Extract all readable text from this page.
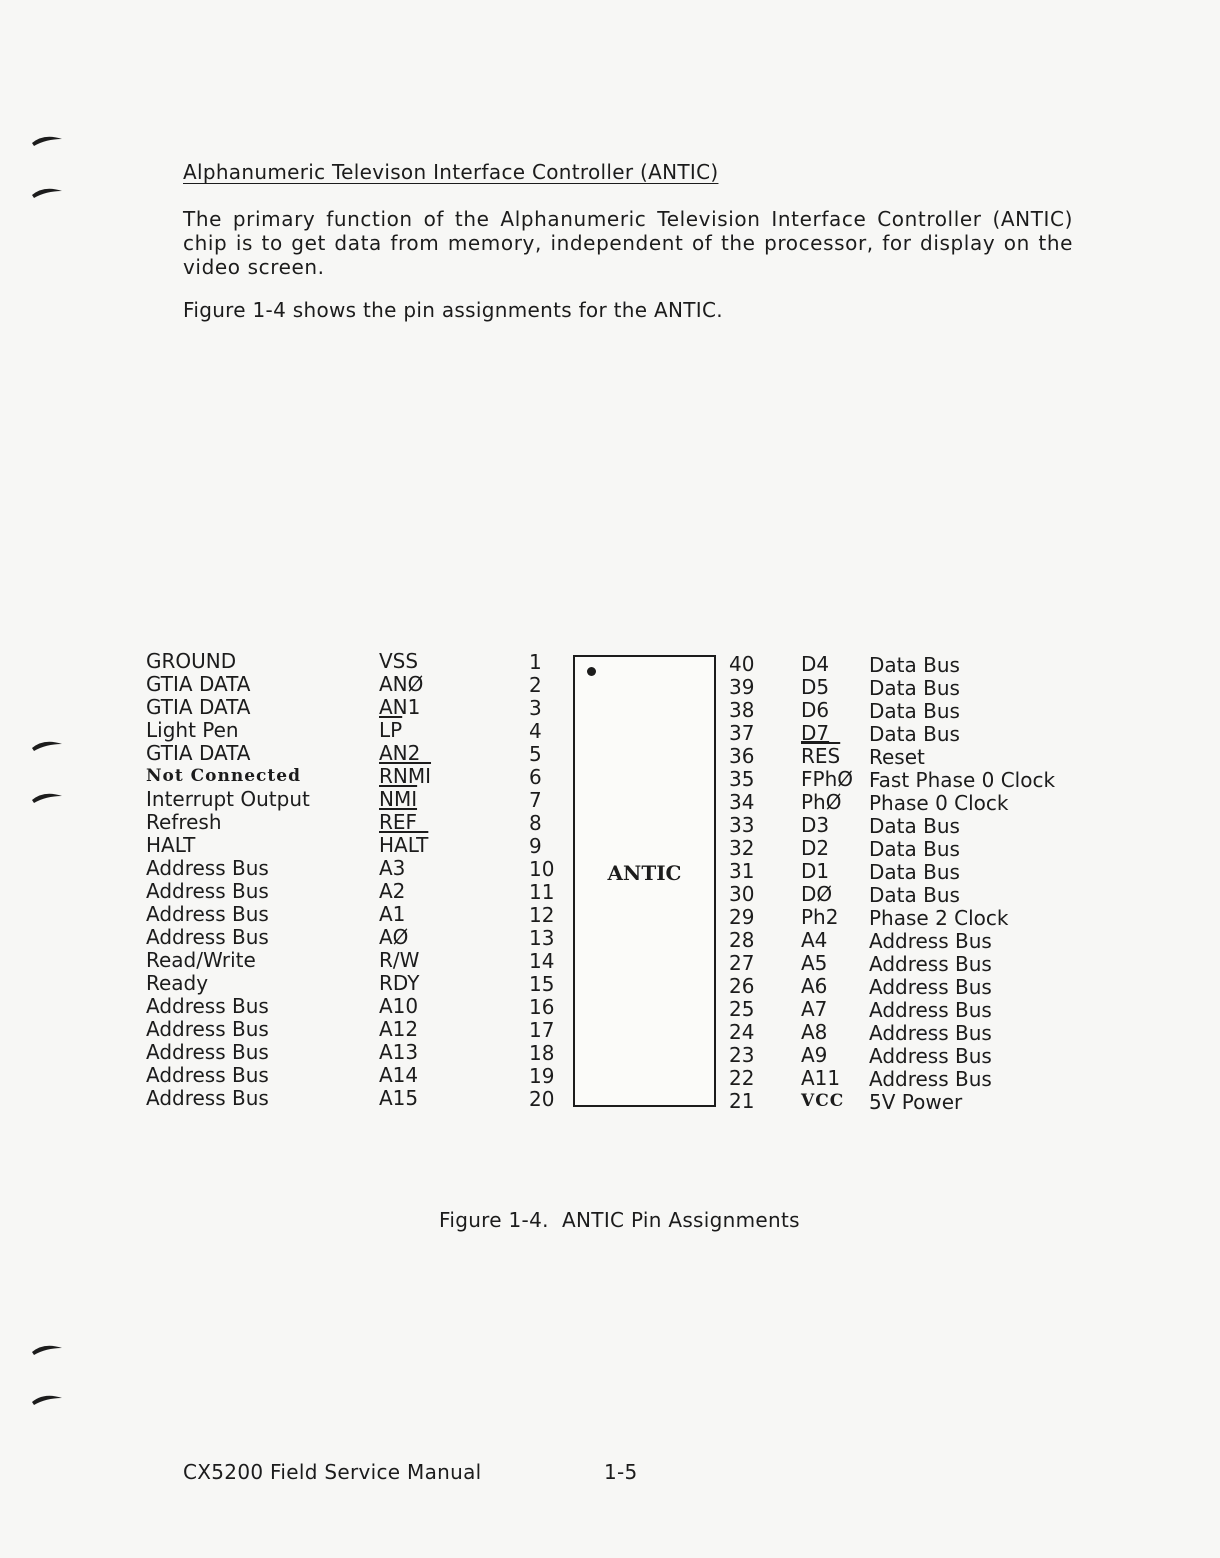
Alphanumeric Televison Interface Controller (ANTIC)
The primary function of the Alphanumeric Television Interface Controller (ANTIC) chip is to get data from memory, independent of the processor, for display on the video screen.
Figure 1-4 shows the pin assignments for the ANTIC.
GROUND
GTIA DATA
GTIA DATA
Light Pen
GTIA DATA
Not Connected
Interrupt Output
Refresh
HALT
Address Bus
Address Bus
Address Bus
Address Bus
Read/Write
Ready
Address Bus
Address Bus
Address Bus
Address Bus
Address Bus
VSS
ANØ
AN1
$\overline{LP}$
AN2
RNMI
$\overline{NMI}$
$\overline{REF}$
HALT
A3
A2
A1
AØ
R/W
RDY
A10
A12
A13
A14
A15
1
2
3
4
5
6
7
8
9
10
11
12
13
14
15
16
17
18
19
20
ANTIC
40
39
38
37
36
35
34
33
32
31
30
29
28
27
26
25
24
23
22
21
D4
D5
D6
D7
$\overline{RES}$
FPhØ
PhØ
D3
D2
D1
DØ
Ph2
A4
A5
A6
A7
A8
A9
A11
VCC
Data Bus
Data Bus
Data Bus
Data Bus
Reset
Fast Phase 0 Clock
Phase 0 Clock
Data Bus
Data Bus
Data Bus
Data Bus
Phase 2 Clock
Address Bus
Address Bus
Address Bus
Address Bus
Address Bus
Address Bus
Address Bus
5V Power
Figure 1-4.  ANTIC Pin Assignments
CX5200 Field Service Manual	1-5
